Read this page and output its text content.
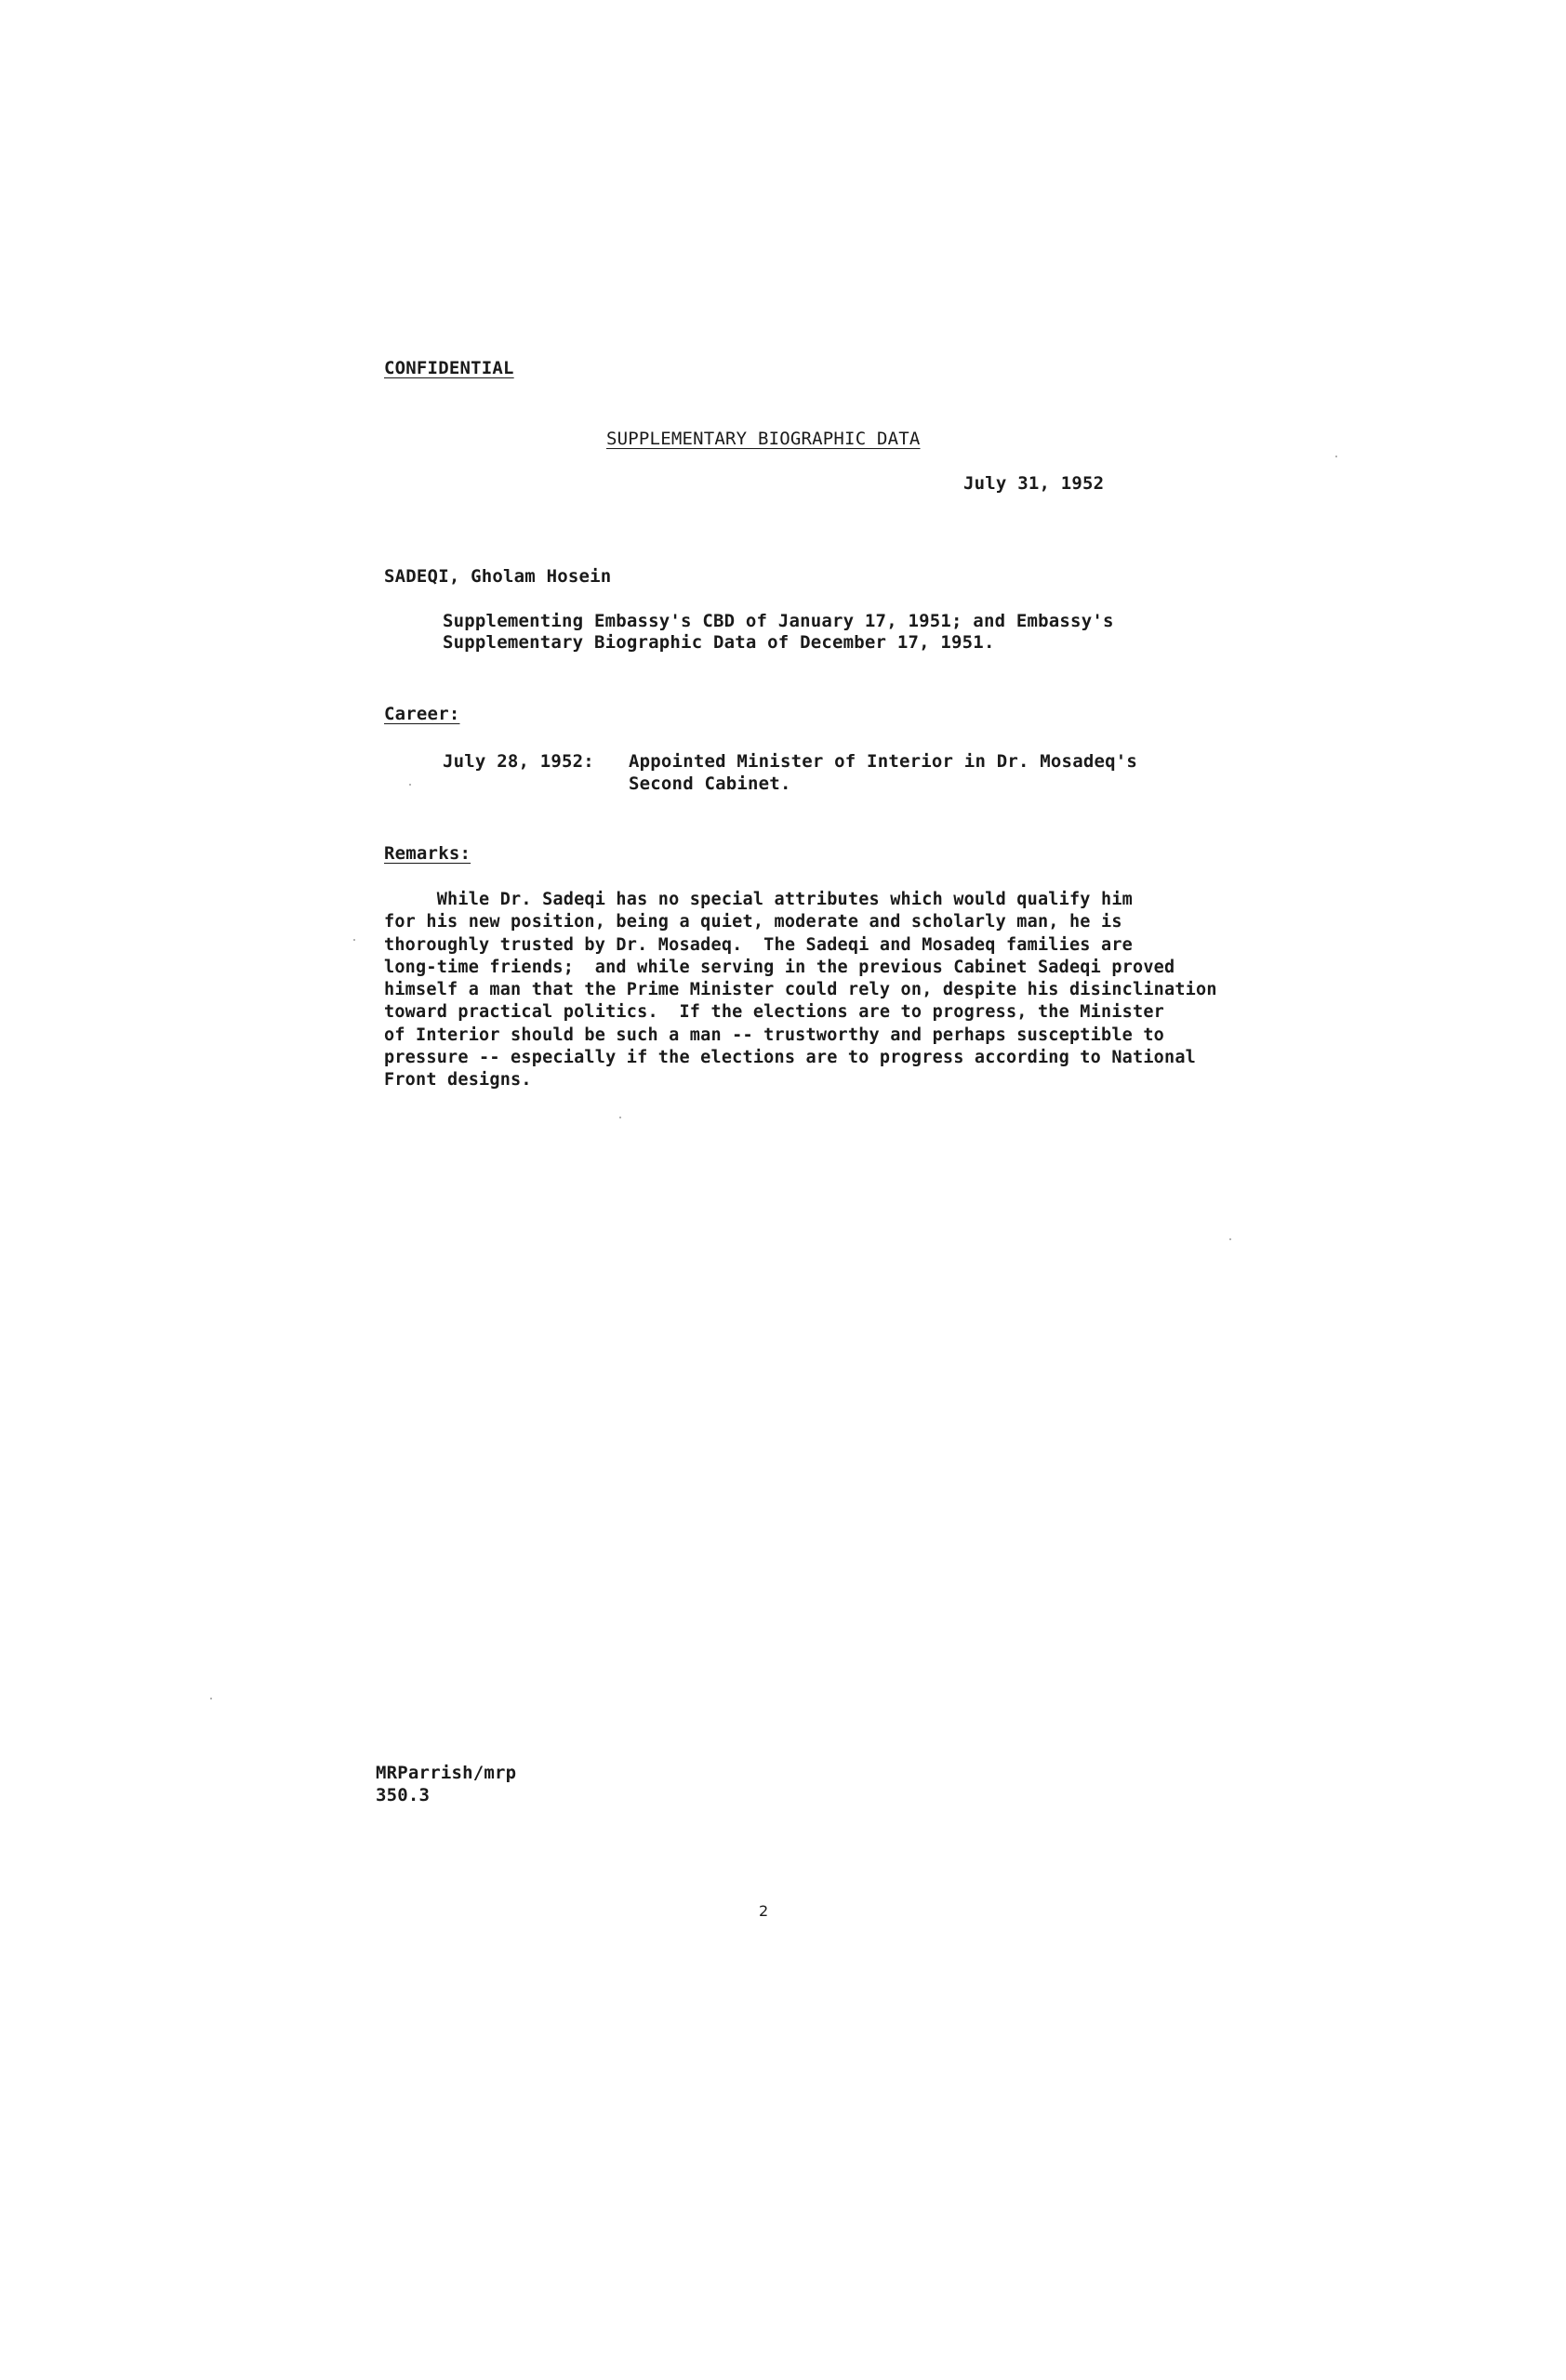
CONFIDENTIAL
SUPPLEMENTARY BIOGRAPHIC DATA
July 31, 1952
SADEQI, Gholam Hosein
Supplementing Embassy's CBD of January 17, 1951; and Embassy's
Supplementary Biographic Data of December 17, 1951.
Career:
July 28, 1952: Appointed Minister of Interior in Dr. Mosadeq's
Second Cabinet.
Remarks:
While Dr. Sadeqi has no special attributes which would qualify him
for his new position, being a quiet, moderate and scholarly man, he is
thoroughly trusted by Dr. Mosadeq.  The Sadeqi and Mosadeq families are
long-time friends;  and while serving in the previous Cabinet Sadeqi proved
himself a man that the Prime Minister could rely on, despite his disinclination
toward practical politics.  If the elections are to progress, the Minister
of Interior should be such a man -- trustworthy and perhaps susceptible to
pressure -- especially if the elections are to progress according to National
Front designs.
MRParrish/mrp
350.3
2
